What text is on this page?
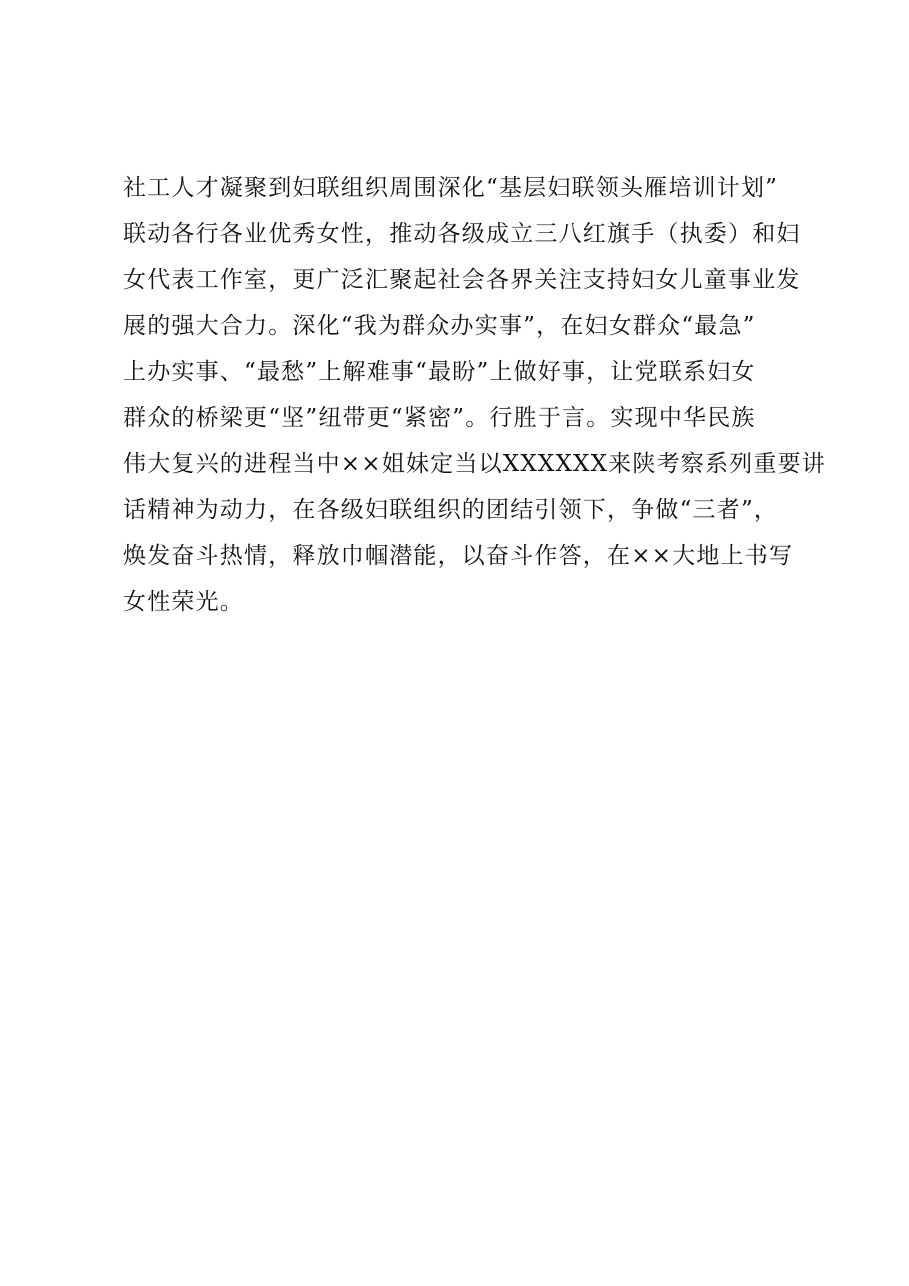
社工人才凝聚到妇联组织周围深化“基层妇联领头雁培训计划”
联动各行各业优秀女性，推动各级成立三八红旗手（执委）和妇
女代表工作室，更广泛汇聚起社会各界关注支持妇女儿童事业发
展的强大合力。深化“我为群众办实事”，在妇女群众“最急”
上办实事、“最愁”上解难事“最盼”上做好事，让党联系妇女
群众的桥梁更“坚”纽带更“紧密”。行胜于言。实现中华民族
伟大复兴的进程当中××姐妹定当以XXXXXX来陕考察系列重要讲
话精神为动力，在各级妇联组织的团结引领下，争做“三者”，
焕发奋斗热情，释放巾帼潜能，以奋斗作答，在××大地上书写
女性荣光。
